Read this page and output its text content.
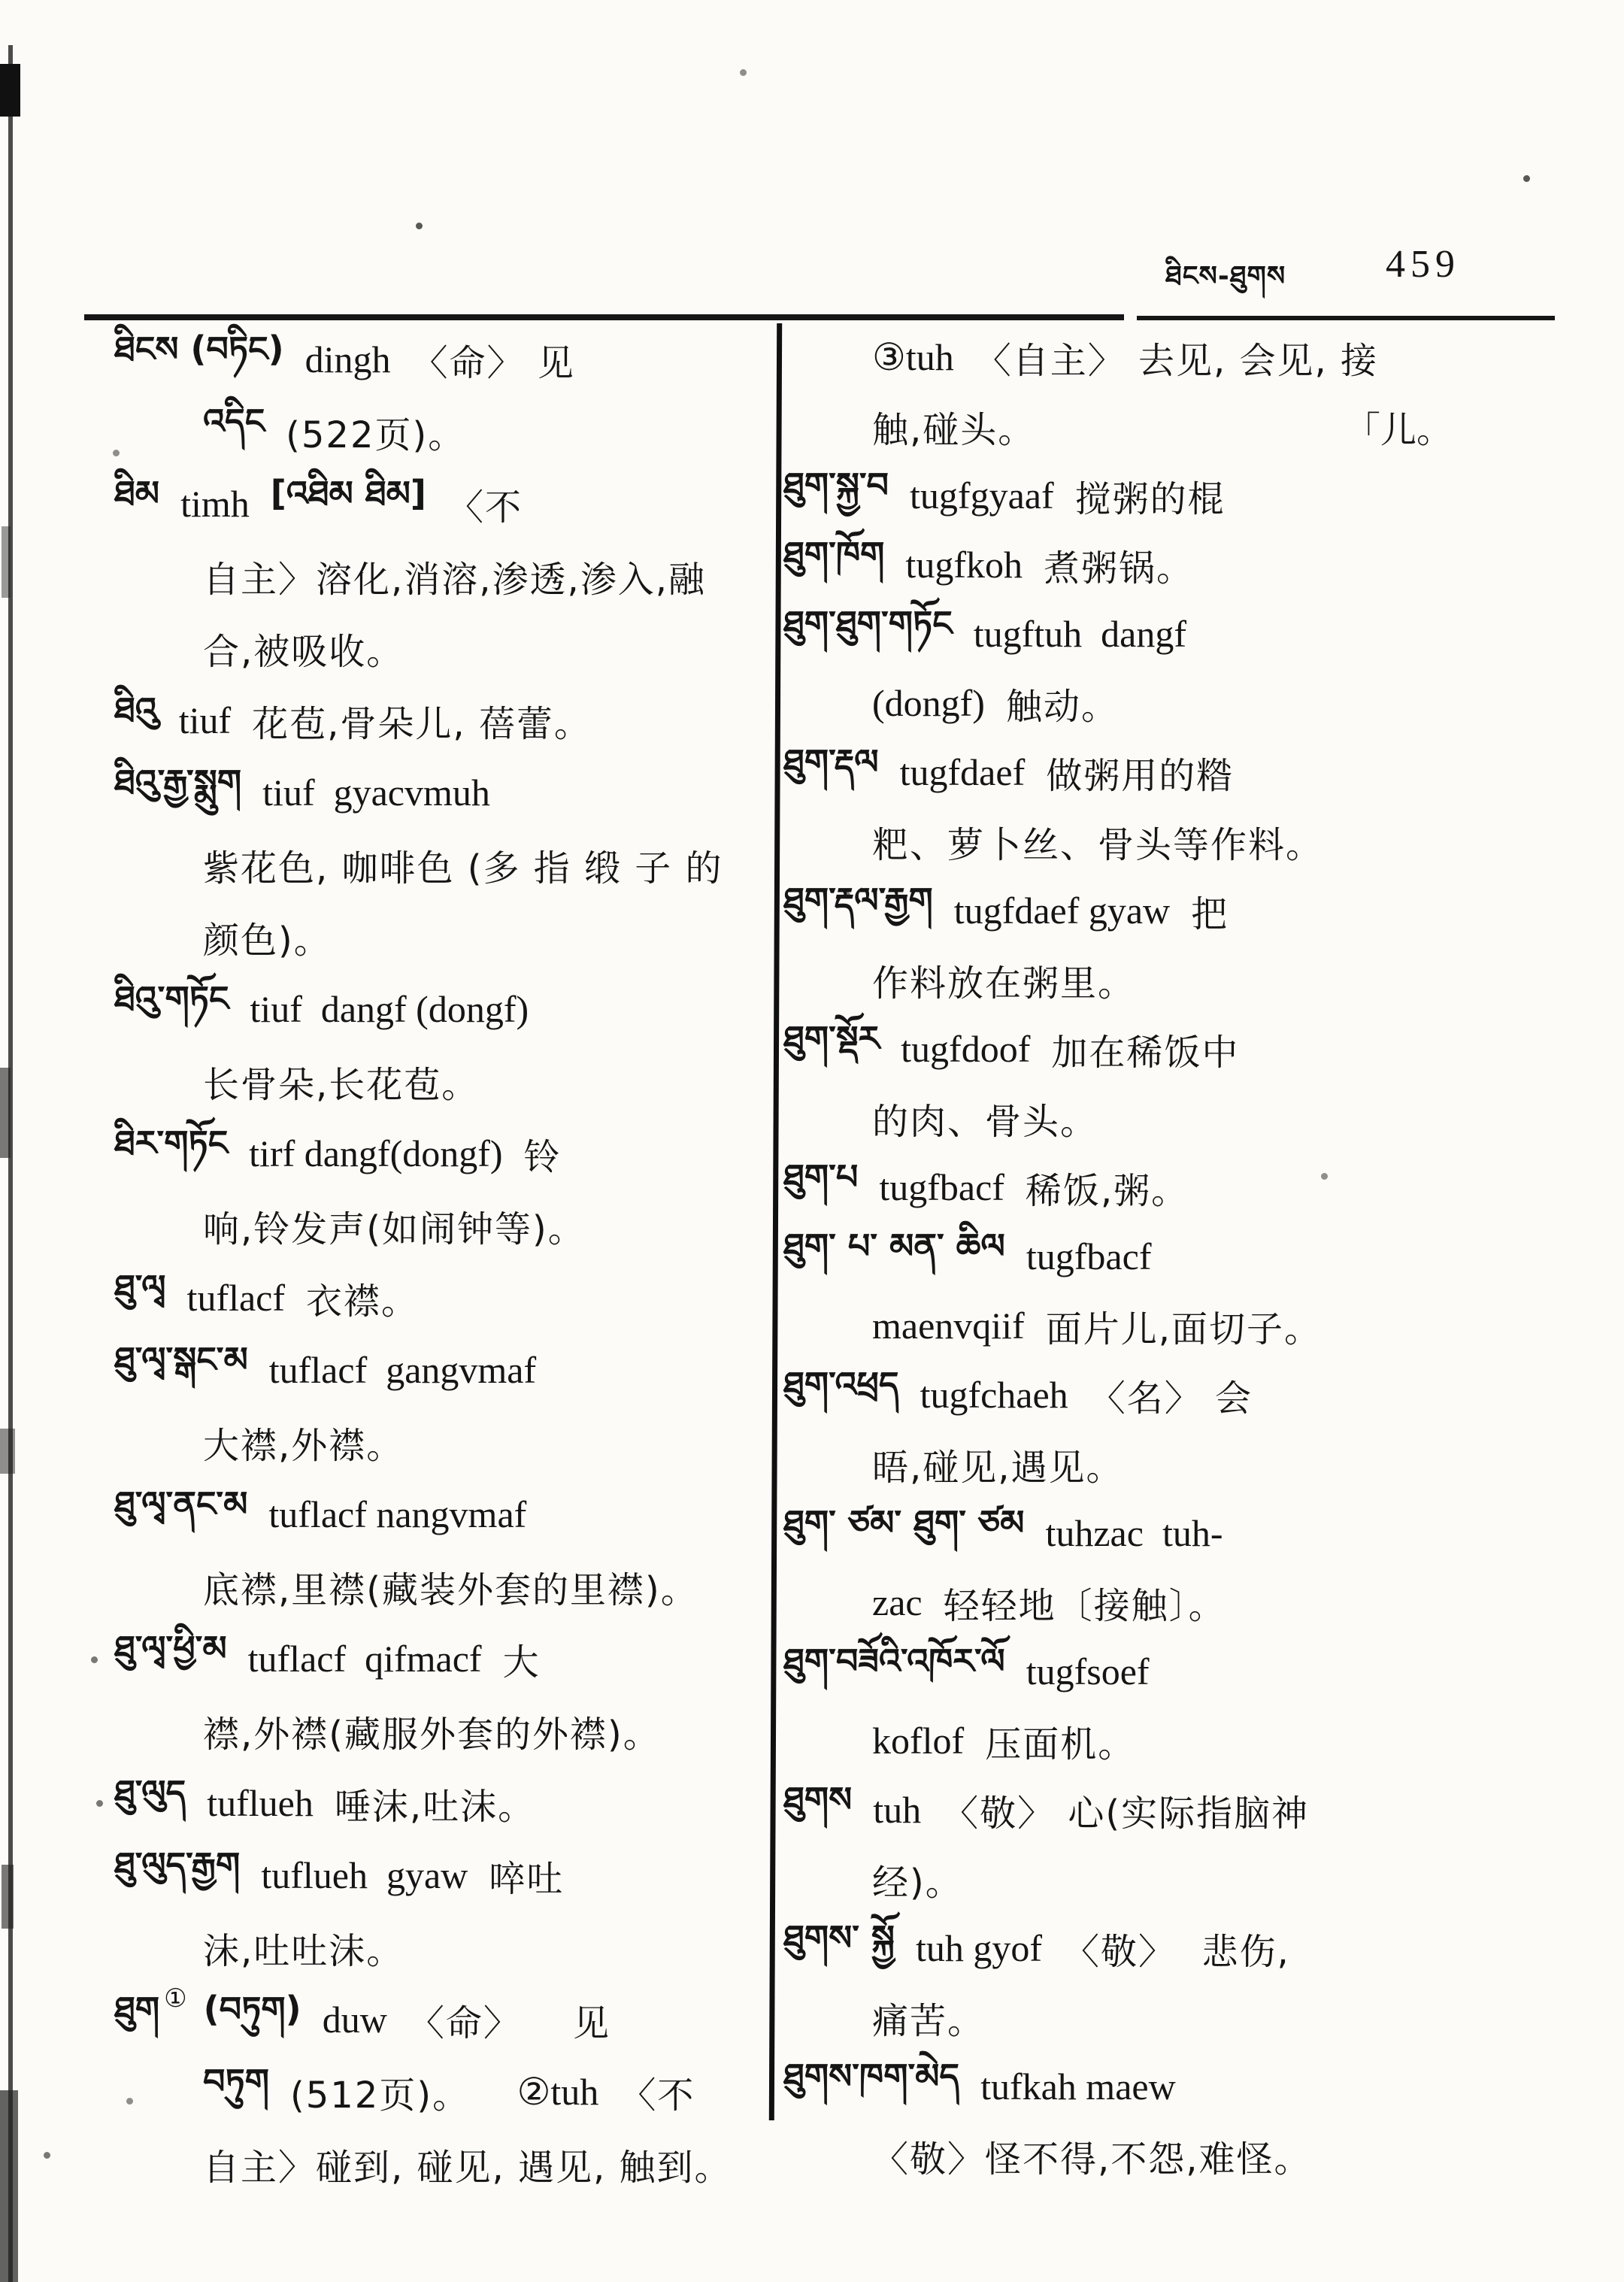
ཐིངས-ཐུགས	459
ཐིངས (བཏིང) dingh 〈命〉 见
འདིང (522页)。
ཐིམ timh [འཐིམ ཐིམ] 〈不
自主〉溶化,消溶,渗透,渗入,融
合,被吸收。
ཐིའུ tiuf 花苞,骨朵儿, 蓓蕾。
ཐིའུ་རྒྱ་སྨུག tiuf  gyacvmuh
紫花色, 咖啡色 (多 指 缎 子 的
颜色)。
ཐིའུ་གཏོང tiuf  dangf (dongf)
长骨朵,长花苞。
ཐིར་གཏོང tirf dangf(dongf) 铃
响,铃发声(如闹钟等)。
ཐུ་ལྭ tuflacf 衣襟。
ཐུ་ལྭ་སྒང་མ tuflacf  gangvmaf
大襟,外襟。
ཐུ་ལྭ་ནང་མ tuflacf nangvmaf
底襟,里襟(藏装外套的里襟)。
ཐུ་ལྭ་ཕྱི་མ tuflacf  qifmacf 大
襟,外襟(藏服外套的外襟)。
ཐུ་ལུད tuflueh 唾沫,吐沫。
ཐུ་ལུད་རྒྱག tuflueh  gyaw 啐吐
沫,吐吐沫。
ཐུག ① (བཏུག) duw 〈命〉    见
བཏུག (512页)。 ②tuh 〈不
自主〉碰到, 碰见, 遇见, 触到。
③tuh 〈自主〉 去见, 会见, 接
触,碰头。	「儿。
ཐུག་སྐྱ་བ tugfgyaaf 搅粥的棍
ཐུག་ཁོག tugfkoh 煮粥锅。
ཐུག་ཐུག་གཏོང tugftuh  dangf
(dongf) 触动。
ཐུག་རྡལ tugfdaef 做粥用的糌
粑、萝卜丝、骨头等作料。
ཐུག་རྡལ་རྒྱག tugfdaef gyaw 把
作料放在粥里。
ཐུག་སྡོར tugfdoof 加在稀饭中
的肉、骨头。
ཐུག་པ tugfbacf 稀饭,粥。
ཐུག་ པ་ མན་ ཆིལ tugfbacf
maenvqiif 面片儿,面切子。
ཐུག་འཕྲད tugfchaeh 〈名〉 会
晤,碰见,遇见。
ཐུག་ ཙམ་ ཐུག་ ཙམ tuhzac  tuh-
zac 轻轻地〔接触〕。
ཐུག་བཟོའི་འཁོར་ལོ tugfsoef
koflof 压面机。
ཐུགས tuh 〈敬〉 心(实际指脑神
经)。
ཐུགས་ སྐྱོ tuh gyof 〈敬〉  悲伤,
痛苦。
ཐུགས་ཁག་མེད tufkah maew
〈敬〉怪不得,不怨,难怪。
